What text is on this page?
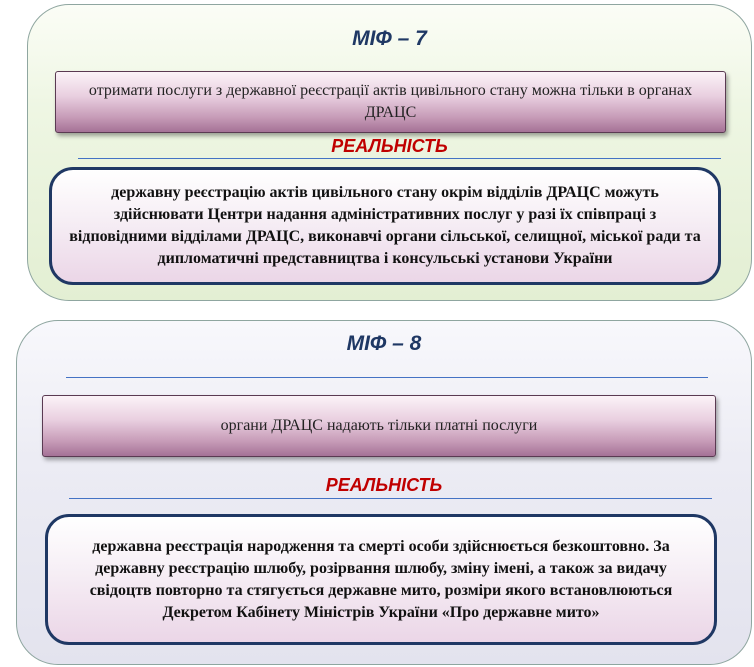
МІФ – 7
отримати послуги з державної реєстрації актів цивільного стану можна тільки в органах ДРАЦС
РЕАЛЬНІСТЬ
державну реєстрацію актів цивільного стану окрім відділів ДРАЦС можуть здійснювати Центри надання адміністративних послуг у разі їх співпраці з відповідними відділами ДРАЦС, виконавчі органи сільської, селищної, міської ради та дипломатичні представництва і консульські установи України
МІФ – 8
органи ДРАЦС надають тільки платні послуги
РЕАЛЬНІСТЬ
державна реєстрація народження та смерті особи здійснюється безкоштовно. За державну реєстрацію шлюбу, розірвання шлюбу, зміну імені, а також за видачу свідоцтв повторно та стягується державне мито, розміри якого встановлюються Декретом Кабінету Міністрів України «Про державне мито»
